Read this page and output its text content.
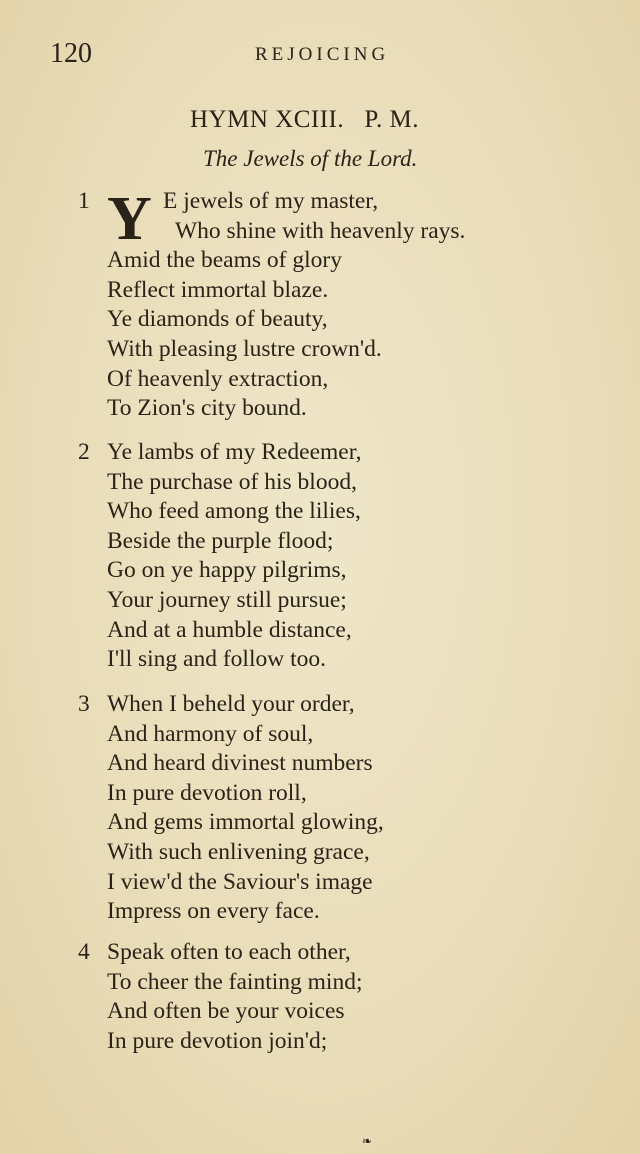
120	REJOICING
HYMN XCIII.   P. M.
The Jewels of the Lord.
1 Y E jewels of my master,
Who shine with heavenly rays.
Amid the beams of glory
Reflect immortal blaze.
Ye diamonds of beauty,
With pleasing lustre crown'd.
Of heavenly extraction,
To Zion's city bound.
2 Ye lambs of my Redeemer,
The purchase of his blood,
Who feed among the lilies,
Beside the purple flood;
Go on ye happy pilgrims,
Your journey still pursue;
And at a humble distance,
I'll sing and follow too.
3 When I beheld your order,
And harmony of soul,
And heard divinest numbers
In pure devotion roll,
And gems immortal glowing,
With such enlivening grace,
I view'd the Saviour's image
Impress on every face.
4 Speak often to each other,
To cheer the fainting mind;
And often be your voices
In pure devotion join'd;
❧
